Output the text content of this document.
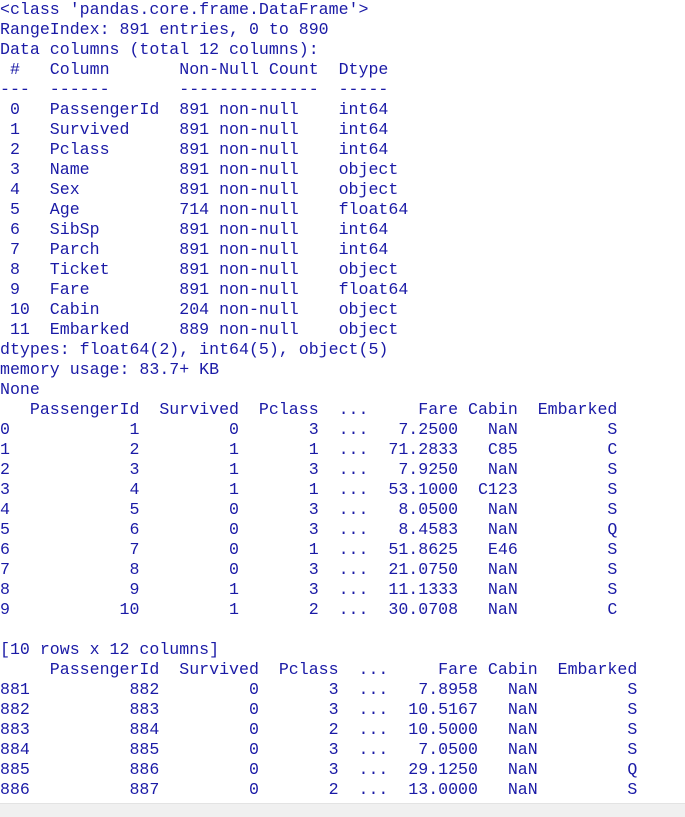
<class 'pandas.core.frame.DataFrame'>
RangeIndex: 891 entries, 0 to 890
Data columns (total 12 columns):
#   Column       Non-Null Count  Dtype
---  ------       --------------  -----
0   PassengerId  891 non-null    int64
1   Survived     891 non-null    int64
2   Pclass       891 non-null    int64
3   Name         891 non-null    object
4   Sex          891 non-null    object
5   Age          714 non-null    float64
6   SibSp        891 non-null    int64
7   Parch        891 non-null    int64
8   Ticket       891 non-null    object
9   Fare         891 non-null    float64
10  Cabin        204 non-null    object
11  Embarked     889 non-null    object
dtypes: float64(2), int64(5), object(5)
memory usage: 83.7+ KB
None
PassengerId  Survived  Pclass  ...     Fare Cabin  Embarked
0            1         0       3  ...   7.2500   NaN         S
1            2         1       1  ...  71.2833   C85         C
2            3         1       3  ...   7.9250   NaN         S
3            4         1       1  ...  53.1000  C123         S
4            5         0       3  ...   8.0500   NaN         S
5            6         0       3  ...   8.4583   NaN         Q
6            7         0       1  ...  51.8625   E46         S
7            8         0       3  ...  21.0750   NaN         S
8            9         1       3  ...  11.1333   NaN         S
9           10         1       2  ...  30.0708   NaN         C
[10 rows x 12 columns]
PassengerId  Survived  Pclass  ...     Fare Cabin  Embarked
881          882         0       3  ...   7.8958   NaN         S
882          883         0       3  ...  10.5167   NaN         S
883          884         0       2  ...  10.5000   NaN         S
884          885         0       3  ...   7.0500   NaN         S
885          886         0       3  ...  29.1250   NaN         Q
886          887         0       2  ...  13.0000   NaN         S
